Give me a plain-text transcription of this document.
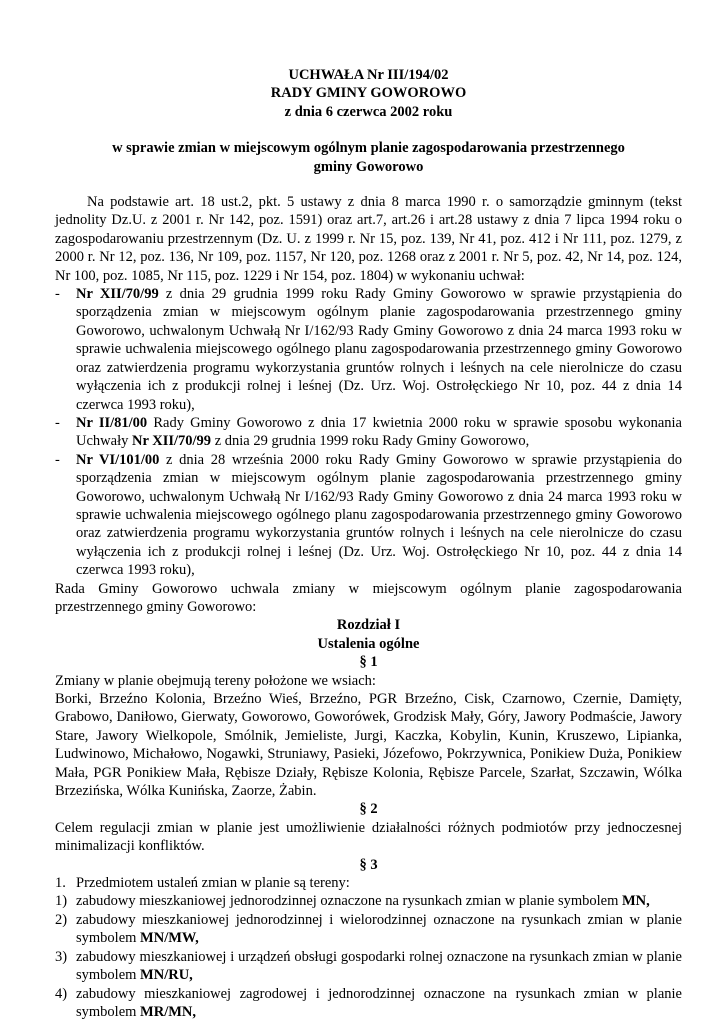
UCHWAŁA Nr III/194/02
RADY GMINY GOWOROWO
z dnia 6 czerwca 2002 roku
w sprawie zmian w miejscowym ogólnym planie zagospodarowania przestrzennego
gminy Goworowo
Na podstawie art. 18 ust.2, pkt. 5 ustawy z dnia 8 marca 1990 r. o samorządzie gminnym (tekst jednolity Dz.U. z 2001 r. Nr 142, poz. 1591) oraz art.7, art.26 i art.28 ustawy z dnia 7 lipca 1994 roku o zagospodarowaniu przestrzennym (Dz. U. z 1999 r. Nr 15, poz. 139, Nr 41, poz. 412 i Nr 111, poz. 1279, z 2000 r. Nr 12, poz. 136, Nr 109, poz. 1157, Nr 120, poz. 1268 oraz z 2001 r. Nr 5, poz. 42, Nr 14, poz. 124, Nr 100, poz. 1085, Nr 115, poz. 1229 i Nr 154, poz. 1804) w wykonaniu uchwał:
- Nr XII/70/99 z dnia 29 grudnia 1999 roku Rady Gminy Goworowo w sprawie przystąpienia do sporządzenia zmian w miejscowym ogólnym planie zagospodarowania przestrzennego gminy Goworowo, uchwalonym Uchwałą Nr I/162/93 Rady Gminy Goworowo z dnia 24 marca 1993 roku w sprawie uchwalenia miejscowego ogólnego planu zagospodarowania przestrzennego gminy Goworowo oraz zatwierdzenia programu wykorzystania gruntów rolnych i leśnych na cele nierolnicze do czasu wyłączenia ich z produkcji rolnej i leśnej (Dz. Urz. Woj. Ostrołęckiego Nr 10, poz. 44 z dnia 14 czerwca 1993 roku),
- Nr II/81/00 Rady Gminy Goworowo z dnia 17 kwietnia 2000 roku w sprawie sposobu wykonania Uchwały Nr XII/70/99 z dnia 29 grudnia 1999 roku Rady Gminy Goworowo,
- Nr VI/101/00 z dnia 28 września 2000 roku Rady Gminy Goworowo w sprawie przystąpienia do sporządzenia zmian w miejscowym ogólnym planie zagospodarowania przestrzennego gminy Goworowo, uchwalonym Uchwałą Nr I/162/93 Rady Gminy Goworowo z dnia 24 marca 1993 roku w sprawie uchwalenia miejscowego ogólnego planu zagospodarowania przestrzennego gminy Goworowo oraz zatwierdzenia programu wykorzystania gruntów rolnych i leśnych na cele nierolnicze do czasu wyłączenia ich z produkcji rolnej i leśnej (Dz. Urz. Woj. Ostrołęckiego Nr 10, poz. 44 z dnia 14 czerwca 1993 roku),
Rada Gminy Goworowo uchwala zmiany w miejscowym ogólnym planie zagospodarowania przestrzennego gminy Goworowo:
Rozdział I
Ustalenia ogólne
§ 1
Zmiany w planie obejmują tereny położone we wsiach:
Borki, Brzeźno Kolonia, Brzeźno Wieś, Brzeźno, PGR Brzeźno, Cisk, Czarnowo, Czernie, Damięty, Grabowo, Daniłowo, Gierwaty, Goworowo, Goworówek, Grodzisk Mały, Góry, Jawory Podmaście, Jawory Stare, Jawory Wielkopole, Smólnik, Jemieliste, Jurgi, Kaczka, Kobylin, Kunin, Kruszewo, Lipianka, Ludwinowo, Michałowo, Nogawki, Struniawy, Pasieki, Józefowo, Pokrzywnica, Ponikiew Duża, Ponikiew Mała, PGR Ponikiew Mała, Rębisze Działy, Rębisze Kolonia, Rębisze Parcele, Szarłat, Szczawin, Wólka Brzezińska, Wólka Kunińska, Zaorze, Żabin.
§ 2
Celem regulacji zmian w planie jest umożliwienie działalności różnych podmiotów przy jednoczesnej minimalizacji konfliktów.
§ 3
1. Przedmiotem ustaleń zmian w planie są tereny:
1) zabudowy mieszkaniowej jednorodzinnej oznaczone na rysunkach zmian w planie symbolem MN,
2) zabudowy mieszkaniowej jednorodzinnej i wielorodzinnej oznaczone na rysunkach zmian w planie symbolem MN/MW,
3) zabudowy mieszkaniowej i urządzeń obsługi gospodarki rolnej oznaczone na rysunkach zmian w planie symbolem MN/RU,
4) zabudowy mieszkaniowej zagrodowej i jednorodzinnej oznaczone na rysunkach zmian w planie symbolem MR/MN,
